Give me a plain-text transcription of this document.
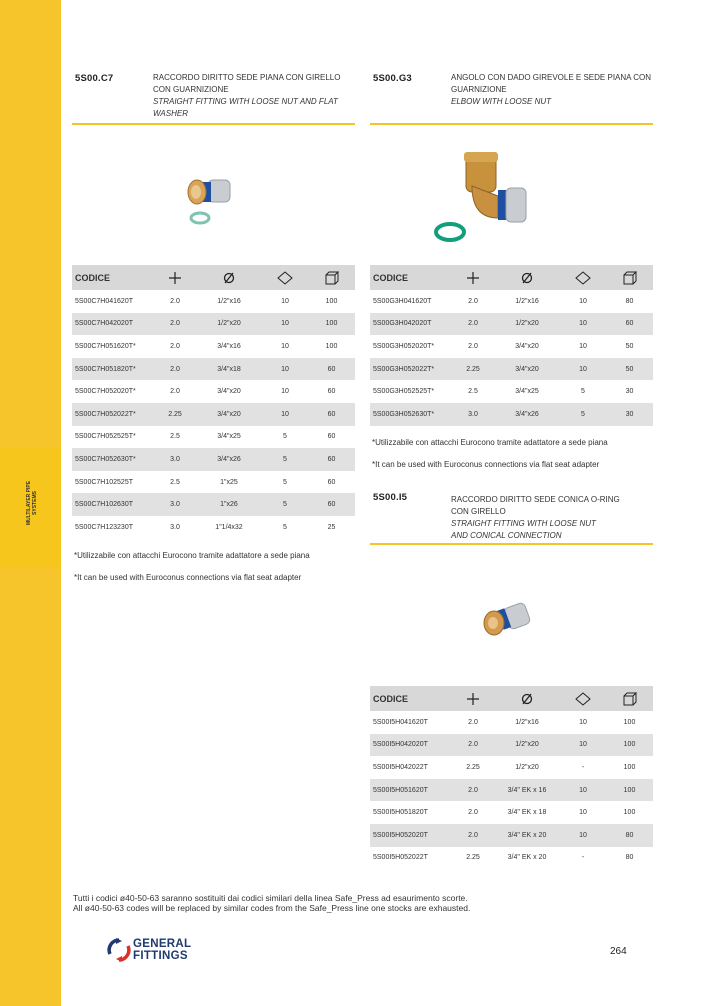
MULTILAYER PIPE SYSTEMS
5S00.C7	RACCORDO DIRITTO SEDE PIANA CON GIRELLO CON GUARNIZIONE
STRAIGHT FITTING WITH LOOSE NUT AND FLAT WASHER
CODICE				
5S00C7H041620T	2.0	1/2"x16	10	100
5S00C7H042020T	2.0	1/2"x20	10	100
5S00C7H051620T*	2.0	3/4"x16	10	100
5S00C7H051820T*	2.0	3/4"x18	10	60
5S00C7H052020T*	2.0	3/4"x20	10	60
5S00C7H052022T*	2.25	3/4"x20	10	60
5S00C7H052525T*	2.5	3/4"x25	5	60
5S00C7H052630T*	3.0	3/4"x26	5	60
5S00C7H102525T	2.5	1"x25	5	60
5S00C7H102630T	3.0	1"x26	5	60
5S00C7H123230T	3.0	1"1/4x32	5	25
*Utilizzabile con attacchi Eurocono tramite adattatore a sede piana
*It can be used with Euroconus connections via flat seat adapter
5S00.G3	ANGOLO CON DADO GIREVOLE E SEDE PIANA CON GUARNIZIONE
ELBOW WITH LOOSE NUT
CODICE				
5S00G3H041620T	2.0	1/2"x16	10	80
5S00G3H042020T	2.0	1/2"x20	10	60
5S00G3H052020T*	2.0	3/4"x20	10	50
5S00G3H052022T*	2.25	3/4"x20	10	50
5S00G3H052525T*	2.5	3/4"x25	5	30
5S00G3H052630T*	3.0	3/4"x26	5	30
*Utilizzabile con attacchi Eurocono tramite adattatore a sede piana
*It can be used with Euroconus connections via flat seat adapter
5S00.I5	RACCORDO DIRITTO SEDE CONICA O-RING
CON GIRELLO
STRAIGHT FITTING WITH LOOSE NUT
AND CONICAL CONNECTION
CODICE				
5S00I5H041620T	2.0	1/2"x16	10	100
5S00I5H042020T	2.0	1/2"x20	10	100
5S00I5H042022T	2.25	1/2"x20	-	100
5S00I5H051620T	2.0	3/4" EK x 16	10	100
5S00I5H051820T	2.0	3/4" EK x 18	10	100
5S00I5H052020T	2.0	3/4" EK x 20	10	80
5S00I5H052022T	2.25	3/4" EK x 20	-	80
Tutti i codici ø40-50-63 saranno sostituiti dai codici similari della linea Safe_Press ad esaurimento scorte.
All ø40-50-63 codes will be replaced by similar codes from the Safe_Press line one stocks are exhausted.
GENERAL
FITTINGS	264
